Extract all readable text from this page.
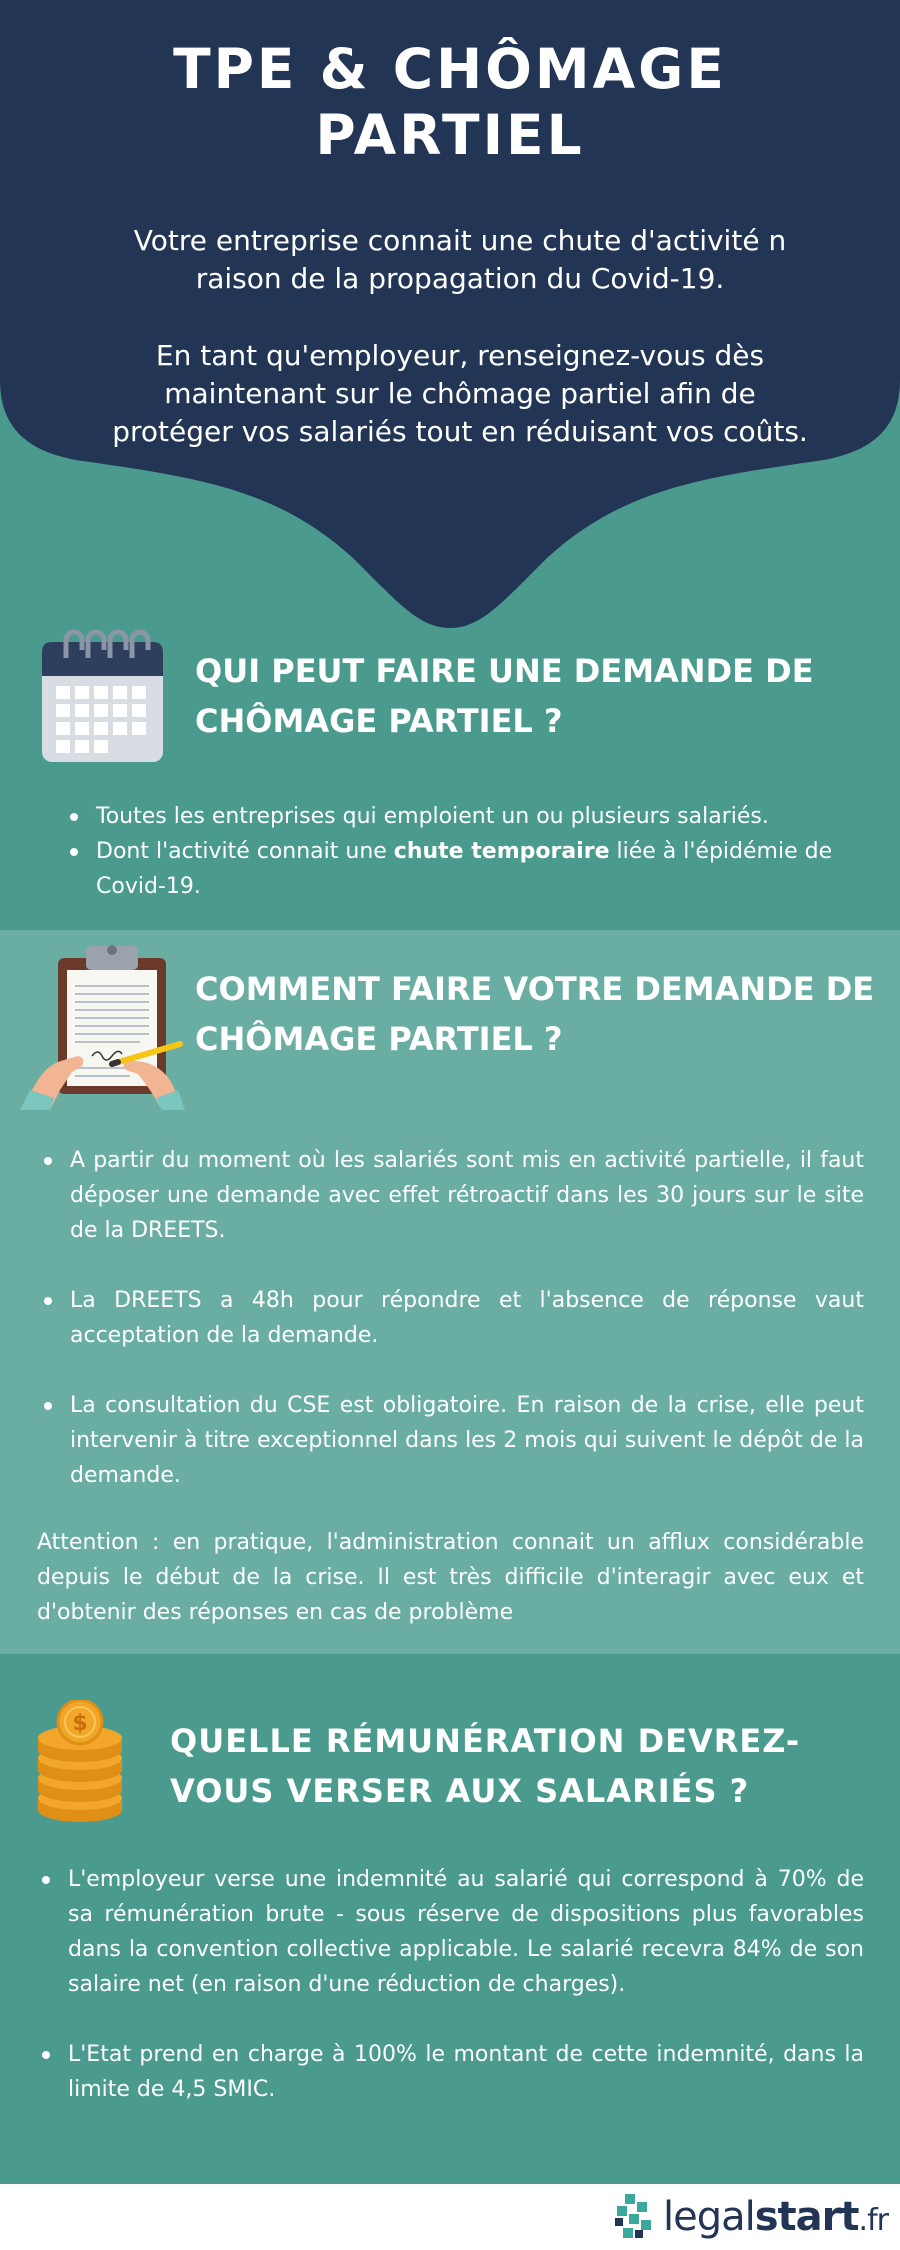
TPE & CHÔMAGE
PARTIEL

Votre entreprise connait une chute d'activité n raison de la propagation du Covid-19.

En tant qu'employeur, renseignez-vous dès maintenant sur le chômage partiel afin de protéger vos salariés tout en réduisant vos coûts.

QUI PEUT FAIRE UNE DEMANDE DE CHÔMAGE PARTIEL ?
Toutes les entreprises qui emploient un ou plusieurs salariés.
Dont l'activité connait une chute temporaire liée à l'épidémie de Covid-19.
COMMENT FAIRE VOTRE DEMANDE DE CHÔMAGE PARTIEL ?
A partir du moment où les salariés sont mis en activité partielle, il faut déposer une demande avec effet rétroactif dans les 30 jours sur le site de la DREETS.
La DREETS a 48h pour répondre et l'absence de réponse vaut acceptation de la demande.
La consultation du CSE est obligatoire. En raison de la crise, elle peut intervenir à titre exceptionnel dans les 2 mois qui suivent le dépôt de la demande.

Attention : en pratique, l'administration connait un afflux considérable depuis le début de la crise. Il est très difficile d'interagir avec eux et d'obtenir des réponses en cas de problème

$	QUELLE RÉMUNÉRATION DEVREZ-VOUS VERSER AUX SALARIÉS ?
L'employeur verse une indemnité au salarié qui correspond à 70% de sa rémunération brute - sous réserve de dispositions plus favorables dans la convention collective applicable. Le salarié recevra 84% de son salaire net (en raison d'une réduction de charges).
L'Etat prend en charge à 100% le montant de cette indemnité, dans la limite de 4,5 SMIC.
legalstart.fr
